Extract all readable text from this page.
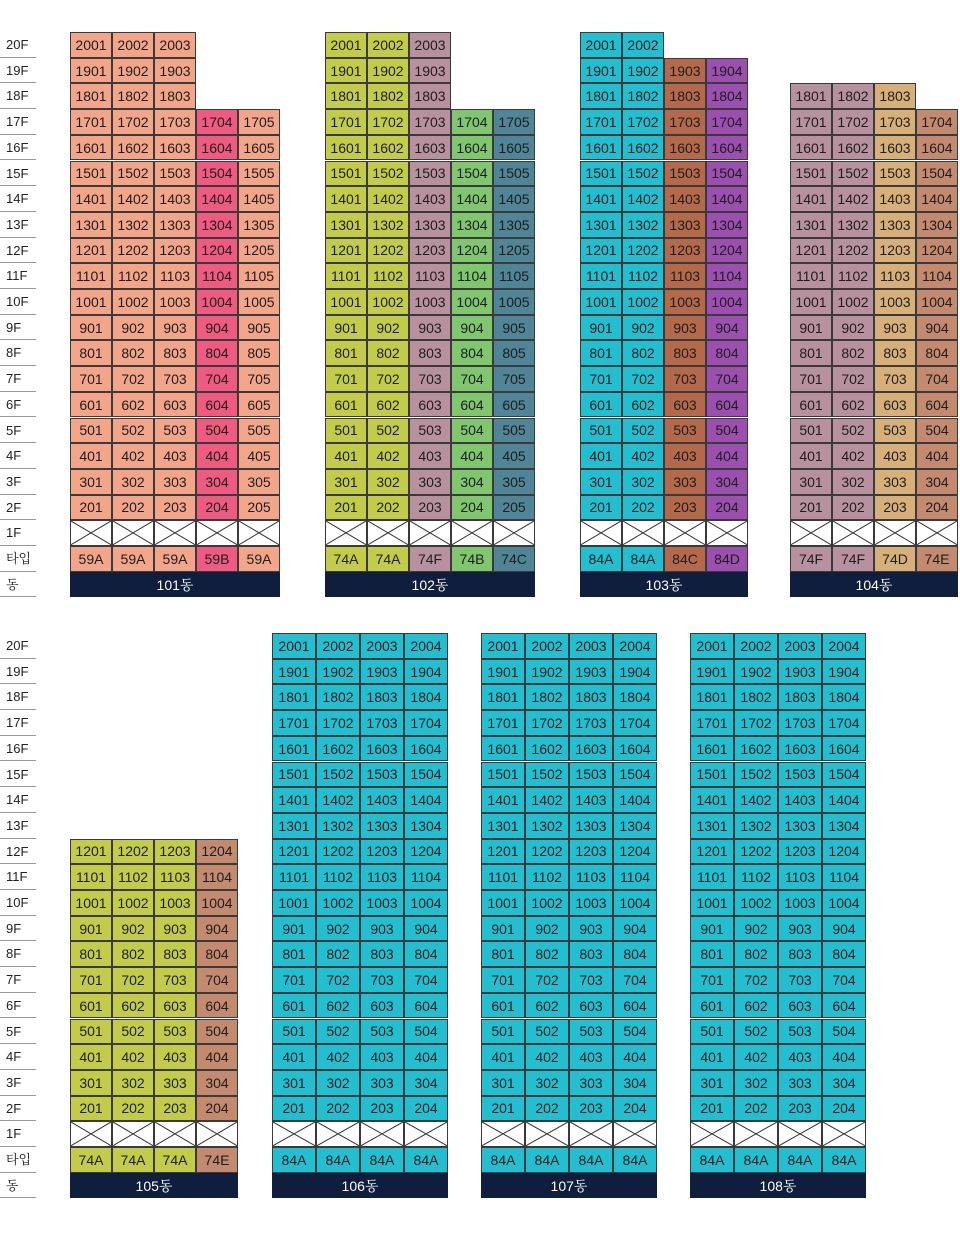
20F
19F
18F
17F
16F
15F
14F
13F
12F
11F
10F
9F
8F
7F
6F
5F
4F
3F
2F
1F
타입
동
20F
19F
18F
17F
16F
15F
14F
13F
12F
11F
10F
9F
8F
7F
6F
5F
4F
3F
2F
1F
타입
동
2001
1901
1801
1701
1601
1501
1401
1301
1201
1101
1001
901
801
701
601
501
401
301
201
59A
2002
1902
1802
1702
1602
1502
1402
1302
1202
1102
1002
902
802
702
602
502
402
302
202
59A
2003
1903
1803
1703
1603
1503
1403
1303
1203
1103
1003
903
803
703
603
503
403
303
203
59A
1704
1604
1504
1404
1304
1204
1104
1004
904
804
704
604
504
404
304
204
59B
1705
1605
1505
1405
1305
1205
1105
1005
905
805
705
605
505
405
305
205
59A
101동
2001
1901
1801
1701
1601
1501
1401
1301
1201
1101
1001
901
801
701
601
501
401
301
201
74A
2002
1902
1802
1702
1602
1502
1402
1302
1202
1102
1002
902
802
702
602
502
402
302
202
74A
2003
1903
1803
1703
1603
1503
1403
1303
1203
1103
1003
903
803
703
603
503
403
303
203
74F
1704
1604
1504
1404
1304
1204
1104
1004
904
804
704
604
504
404
304
204
74B
1705
1605
1505
1405
1305
1205
1105
1005
905
805
705
605
505
405
305
205
74C
102동
2001
1901
1801
1701
1601
1501
1401
1301
1201
1101
1001
901
801
701
601
501
401
301
201
84A
2002
1902
1802
1702
1602
1502
1402
1302
1202
1102
1002
902
802
702
602
502
402
302
202
84A
1903
1803
1703
1603
1503
1403
1303
1203
1103
1003
903
803
703
603
503
403
303
203
84C
1904
1804
1704
1604
1504
1404
1304
1204
1104
1004
904
804
704
604
504
404
304
204
84D
103동
1801
1701
1601
1501
1401
1301
1201
1101
1001
901
801
701
601
501
401
301
201
74F
1802
1702
1602
1502
1402
1302
1202
1102
1002
902
802
702
602
502
402
302
202
74F
1803
1703
1603
1503
1403
1303
1203
1103
1003
903
803
703
603
503
403
303
203
74D
1704
1604
1504
1404
1304
1204
1104
1004
904
804
704
604
504
404
304
204
74E
104동
1201
1101
1001
901
801
701
601
501
401
301
201
74A
1202
1102
1002
902
802
702
602
502
402
302
202
74A
1203
1103
1003
903
803
703
603
503
403
303
203
74A
1204
1104
1004
904
804
704
604
504
404
304
204
74E
105동
2001
1901
1801
1701
1601
1501
1401
1301
1201
1101
1001
901
801
701
601
501
401
301
201
84A
2002
1902
1802
1702
1602
1502
1402
1302
1202
1102
1002
902
802
702
602
502
402
302
202
84A
2003
1903
1803
1703
1603
1503
1403
1303
1203
1103
1003
903
803
703
603
503
403
303
203
84A
2004
1904
1804
1704
1604
1504
1404
1304
1204
1104
1004
904
804
704
604
504
404
304
204
84A
106동
2001
1901
1801
1701
1601
1501
1401
1301
1201
1101
1001
901
801
701
601
501
401
301
201
84A
2002
1902
1802
1702
1602
1502
1402
1302
1202
1102
1002
902
802
702
602
502
402
302
202
84A
2003
1903
1803
1703
1603
1503
1403
1303
1203
1103
1003
903
803
703
603
503
403
303
203
84A
2004
1904
1804
1704
1604
1504
1404
1304
1204
1104
1004
904
804
704
604
504
404
304
204
84A
107동
2001
1901
1801
1701
1601
1501
1401
1301
1201
1101
1001
901
801
701
601
501
401
301
201
84A
2002
1902
1802
1702
1602
1502
1402
1302
1202
1102
1002
902
802
702
602
502
402
302
202
84A
2003
1903
1803
1703
1603
1503
1403
1303
1203
1103
1003
903
803
703
603
503
403
303
203
84A
2004
1904
1804
1704
1604
1504
1404
1304
1204
1104
1004
904
804
704
604
504
404
304
204
84A
108동
